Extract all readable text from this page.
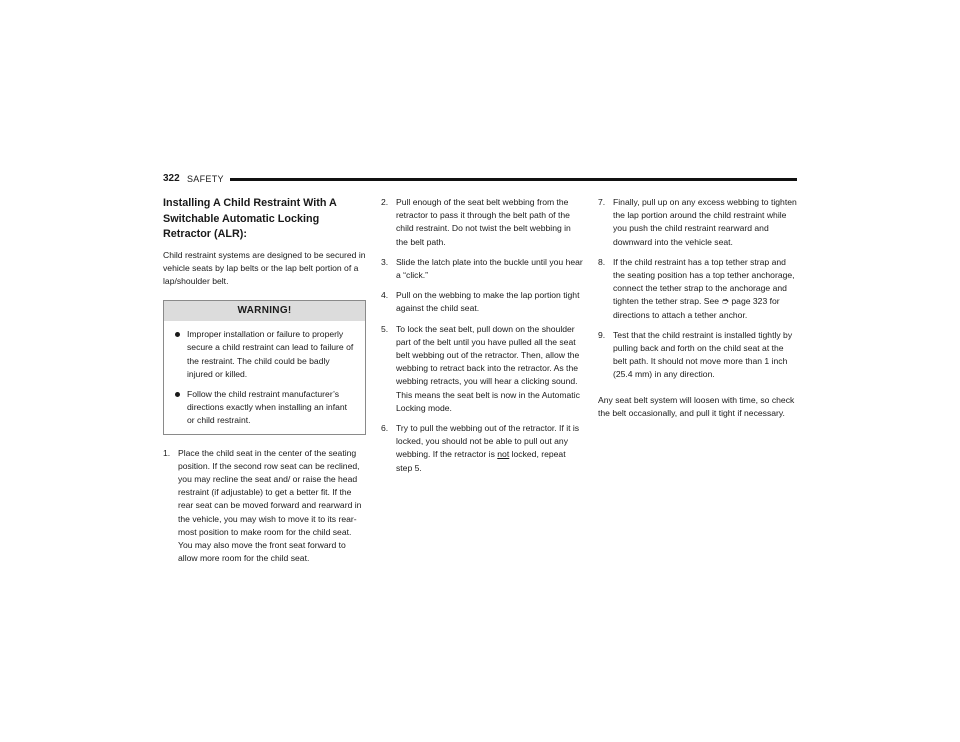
322 SAFETY
Installing A Child Restraint With A Switchable Automatic Locking Retractor (ALR):
Child restraint systems are designed to be secured in vehicle seats by lap belts or the lap belt portion of a lap/shoulder belt.
WARNING!
Improper installation or failure to properly secure a child restraint can lead to failure of the restraint. The child could be badly injured or killed.
Follow the child restraint manufacturer’s directions exactly when installing an infant or child restraint.
1. Place the child seat in the center of the seating position. If the second row seat can be reclined, you may recline the seat and/ or raise the head restraint (if adjustable) to get a better fit. If the rear seat can be moved forward and rearward in the vehicle, you may wish to move it to its rear-most position to make room for the child seat. You may also move the front seat forward to allow more room for the child seat.
2. Pull enough of the seat belt webbing from the retractor to pass it through the belt path of the child restraint. Do not twist the belt webbing in the belt path.
3. Slide the latch plate into the buckle until you hear a “click.”
4. Pull on the webbing to make the lap portion tight against the child seat.
5. To lock the seat belt, pull down on the shoulder part of the belt until you have pulled all the seat belt webbing out of the retractor. Then, allow the webbing to retract back into the retractor. As the webbing retracts, you will hear a clicking sound. This means the seat belt is now in the Automatic Locking mode.
6. Try to pull the webbing out of the retractor. If it is locked, you should not be able to pull out any webbing. If the retractor is not locked, repeat step 5.
7. Finally, pull up on any excess webbing to tighten the lap portion around the child restraint while you push the child restraint rearward and downward into the vehicle seat.
8. If the child restraint has a top tether strap and the seating position has a top tether anchorage, connect the tether strap to the anchorage and tighten the tether strap. See ➮ page 323 for directions to attach a tether anchor.
9. Test that the child restraint is installed tightly by pulling back and forth on the child seat at the belt path. It should not move more than 1 inch (25.4 mm) in any direction.
Any seat belt system will loosen with time, so check the belt occasionally, and pull it tight if necessary.
